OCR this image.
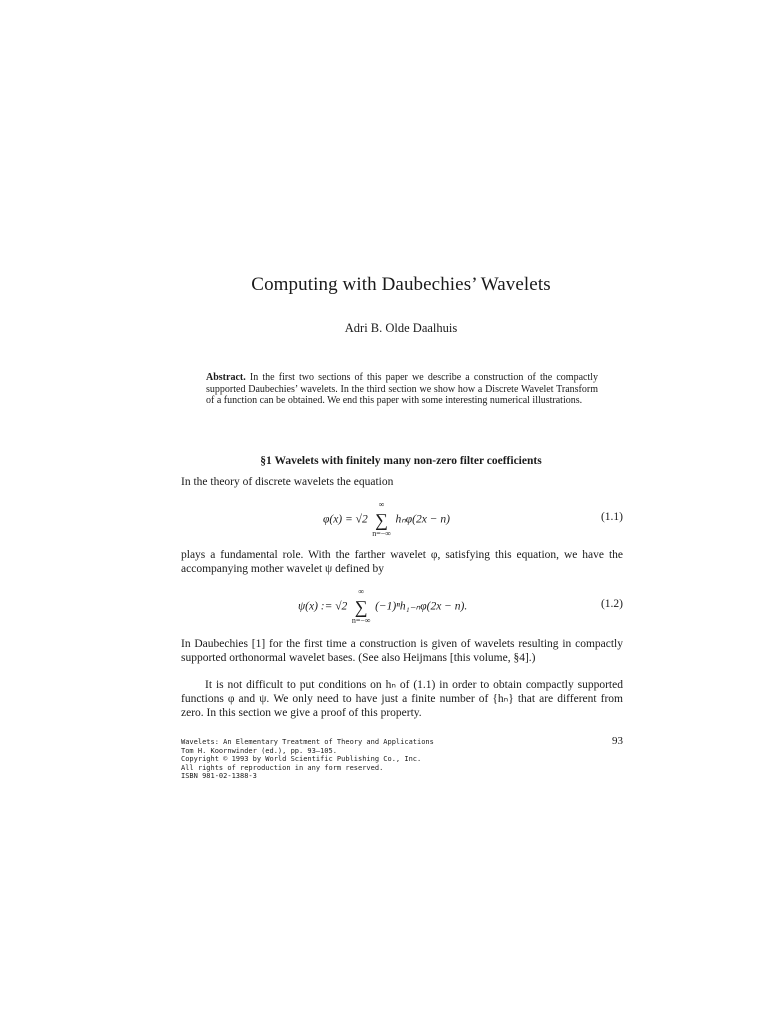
Computing with Daubechies’ Wavelets
Adri B. Olde Daalhuis
Abstract. In the first two sections of this paper we describe a construction of the compactly supported Daubechies’ wavelets. In the third section we show how a Discrete Wavelet Transform of a function can be obtained. We end this paper with some interesting numerical illustrations.
§1 Wavelets with finitely many non-zero filter coefficients
In the theory of discrete wavelets the equation
φ(x) = √2
∞
∑
n=−∞
hₙφ(2x − n)	(1.1)
plays a fundamental role. With the farther wavelet φ, satisfying this equation, we have the accompanying mother wavelet ψ defined by
ψ(x) := √2
∞
∑
n=−∞
(−1)ⁿh₁₋ₙφ(2x − n).	(1.2)
In Daubechies [1] for the first time a construction is given of wavelets resulting in compactly supported orthonormal wavelet bases. (See also Heijmans [this volume, §4].)
It is not difficult to put conditions on hₙ of (1.1) in order to obtain compactly supported functions φ and ψ. We only need to have just a finite number of {hₙ} that are different from zero. In this section we give a proof of this property.
Wavelets: An Elementary Treatment of Theory and Applications
Tom H. Koornwinder (ed.), pp. 93–105.
Copyright © 1993 by World Scientific Publishing Co., Inc.
All rights of reproduction in any form reserved.
ISBN 981-02-1388-3
93
